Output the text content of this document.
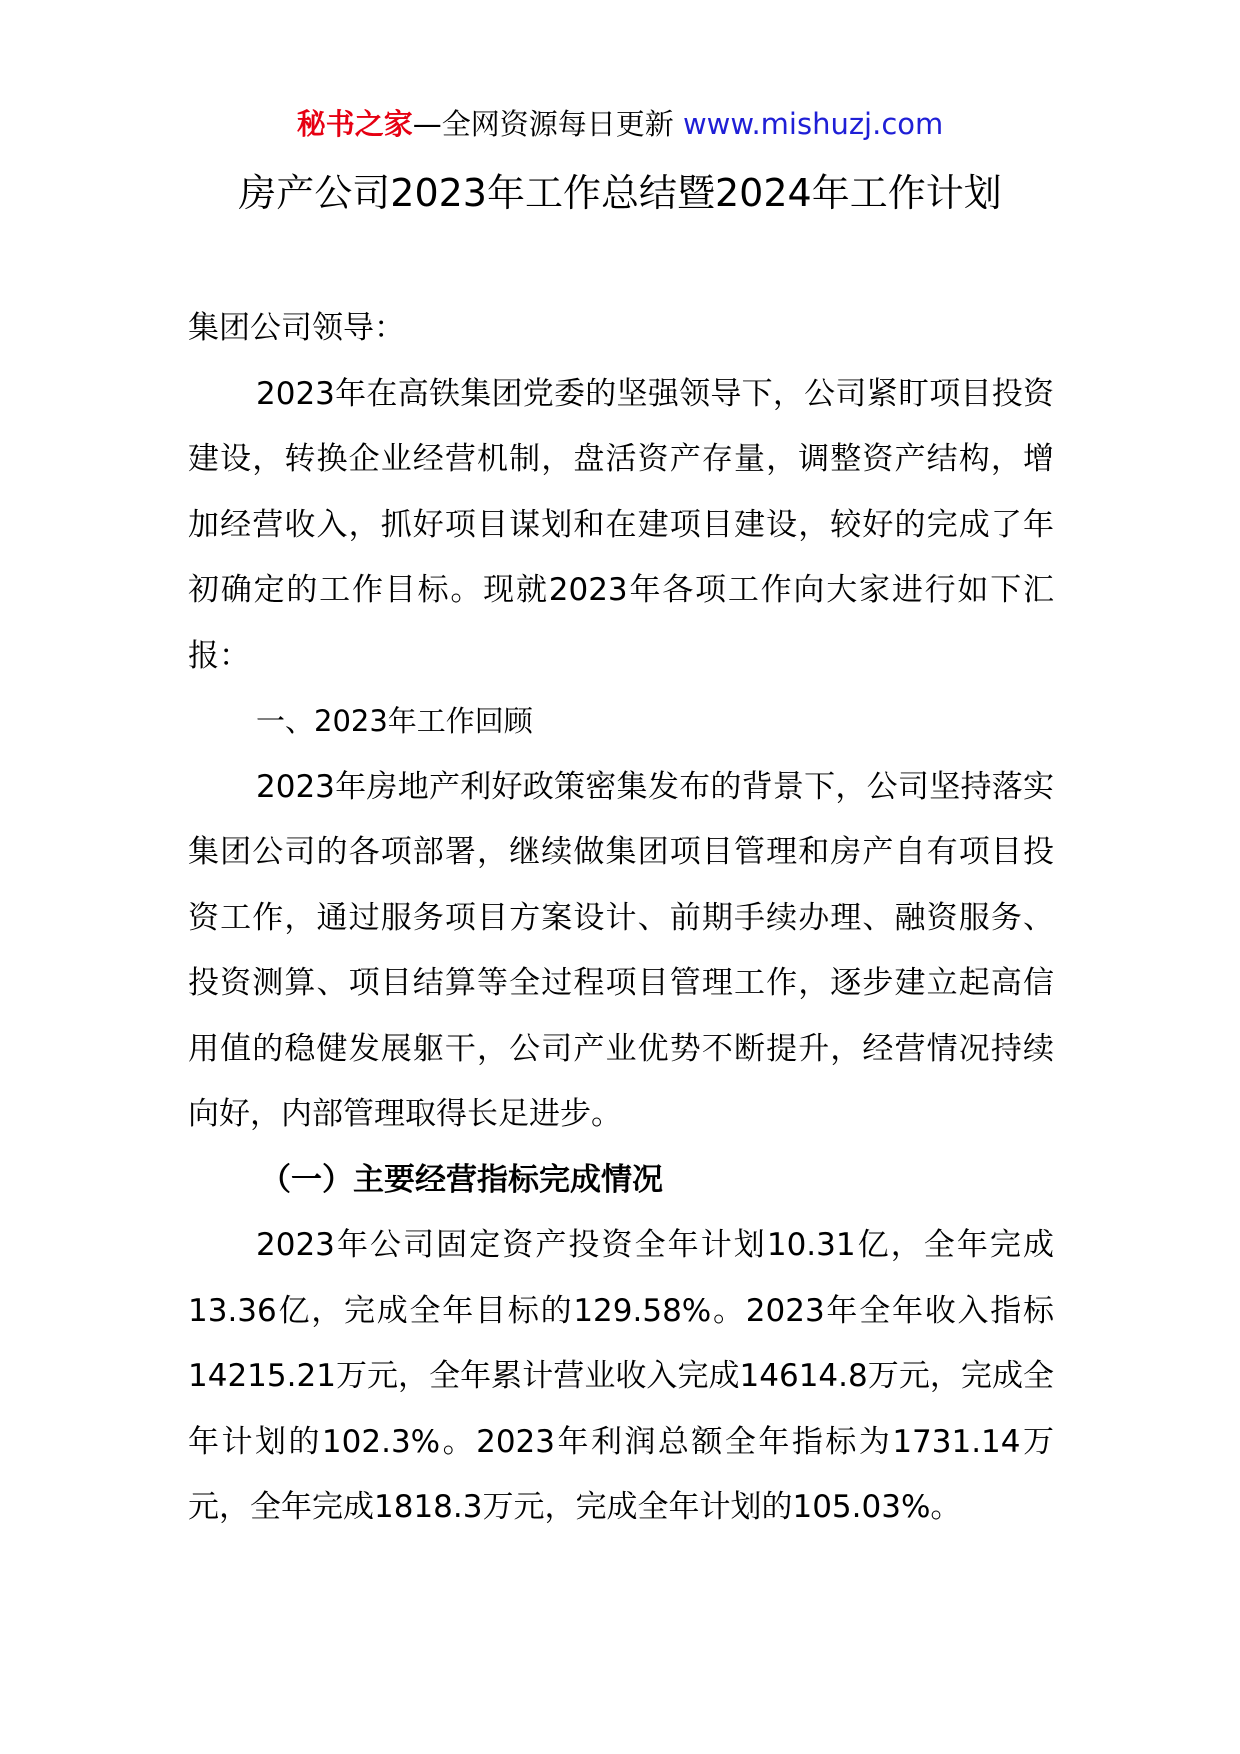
秘书之家—全网资源每日更新 www.mishuzj.com
房产公司2023年工作总结暨2024年工作计划

集团公司领导：

2023年在高铁集团党委的坚强领导下，公司紧盯项目投资建设，转换企业经营机制，盘活资产存量，调整资产结构，增加经营收入，抓好项目谋划和在建项目建设，较好的完成了年初确定的工作目标。现就2023年各项工作向大家进行如下汇报：

一、2023年工作回顾

2023年房地产利好政策密集发布的背景下，公司坚持落实集团公司的各项部署，继续做集团项目管理和房产自有项目投资工作，通过服务项目方案设计、前期手续办理、融资服务、投资测算、项目结算等全过程项目管理工作，逐步建立起高信用值的稳健发展躯干，公司产业优势不断提升，经营情况持续向好，内部管理取得长足进步。

（一）主要经营指标完成情况

2023年公司固定资产投资全年计划10.31亿，全年完成13.36亿，完成全年目标的129.58%。2023年全年收入指标14215.21万元，全年累计营业收入完成14614.8万元，完成全年计划的102.3%。2023年利润总额全年指标为1731.14万元，全年完成1818.3万元，完成全年计划的105.03%。
